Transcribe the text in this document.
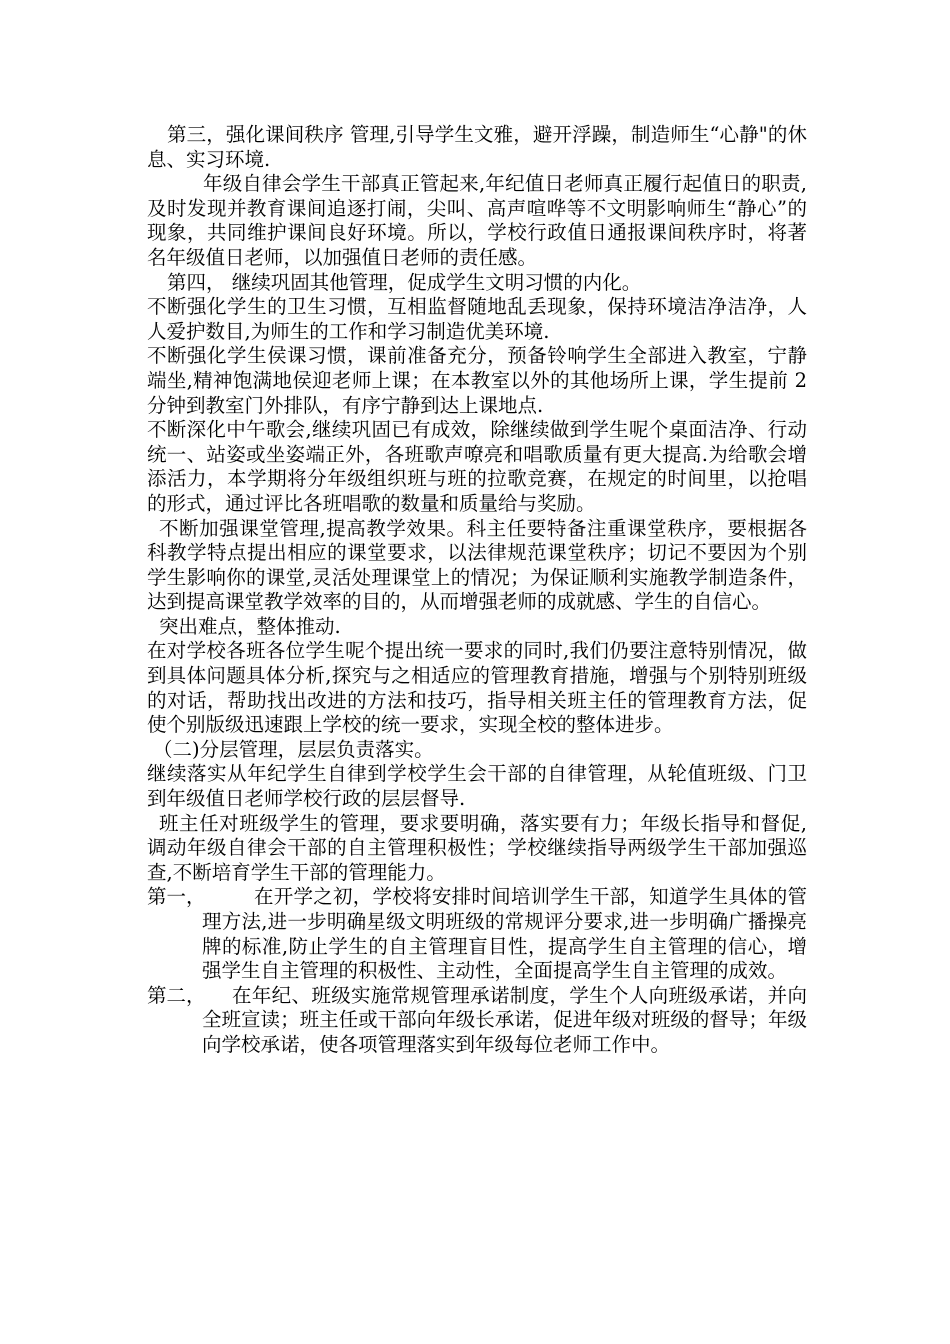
第三，强化课间秩序 管理,引导学生文雅，避开浮躁，制造师生“心静"的休息、实习环境.

年级自律会学生干部真正管起来,年纪值日老师真正履行起值日的职责,及时发现并教育课间追逐打闹，尖叫、高声喧哗等不文明影响师生“静心”的现象，共同维护课间良好环境。所以，学校行政值日通报课间秩序时，将著名年级值日老师，以加强值日老师的责任感。

第四， 继续巩固其他管理，促成学生文明习惯的内化。

不断强化学生的卫生习惯，互相监督随地乱丢现象，保持环境洁净洁净，人人爱护数目,为师生的工作和学习制造优美环境.

不断强化学生侯课习惯，课前准备充分，预备铃响学生全部进入教室，宁静端坐,精神饱满地侯迎老师上课；在本教室以外的其他场所上课，学生提前 2 分钟到教室门外排队，有序宁静到达上课地点.

不断深化中午歌会,继续巩固已有成效，除继续做到学生呢个桌面洁净、行动统一、站姿或坐姿端正外，各班歌声嘹亮和唱歌质量有更大提高.为给歌会增添活力，本学期将分年级组织班与班的拉歌竞赛，在规定的时间里，以抢唱的形式，通过评比各班唱歌的数量和质量给与奖励。

不断加强课堂管理,提高教学效果。科主任要特备注重课堂秩序，要根据各科教学特点提出相应的课堂要求，以法律规范课堂秩序；切记不要因为个别学生影响你的课堂,灵活处理课堂上的情况；为保证顺利实施教学制造条件，达到提高课堂教学效率的目的，从而增强老师的成就感、学生的自信心。

突出难点，整体推动.

在对学校各班各位学生呢个提出统一要求的同时,我们仍要注意特别情况，做到具体问题具体分析,探究与之相适应的管理教育措施，增强与个别特别班级的对话，帮助找出改进的方法和技巧，指导相关班主任的管理教育方法，促使个别版级迅速跟上学校的统一要求，实现全校的整体进步。

（二)分层管理，层层负责落实。

继续落实从年纪学生自律到学校学生会干部的自律管理，从轮值班级、门卫到年级值日老师学校行政的层层督导.

班主任对班级学生的管理，要求要明确，落实要有力；年级长指导和督促,调动年级自律会干部的自主管理积极性；学校继续指导两级学生干部加强巡查,不断培育学生干部的管理能力。

第一，	在开学之初，学校将安排时间培训学生干部，知道学生具体的管理方法,进一步明确星级文明班级的常规评分要求,进一步明确广播操亮牌的标准,防止学生的自主管理盲目性，提高学生自主管理的信心，增强学生自主管理的积极性、主动性，全面提高学生自主管理的成效。

第二，	在年纪、班级实施常规管理承诺制度，学生个人向班级承诺，并向全班宣读；班主任或干部向年级长承诺，促进年级对班级的督导；年级向学校承诺，使各项管理落实到年级每位老师工作中。
